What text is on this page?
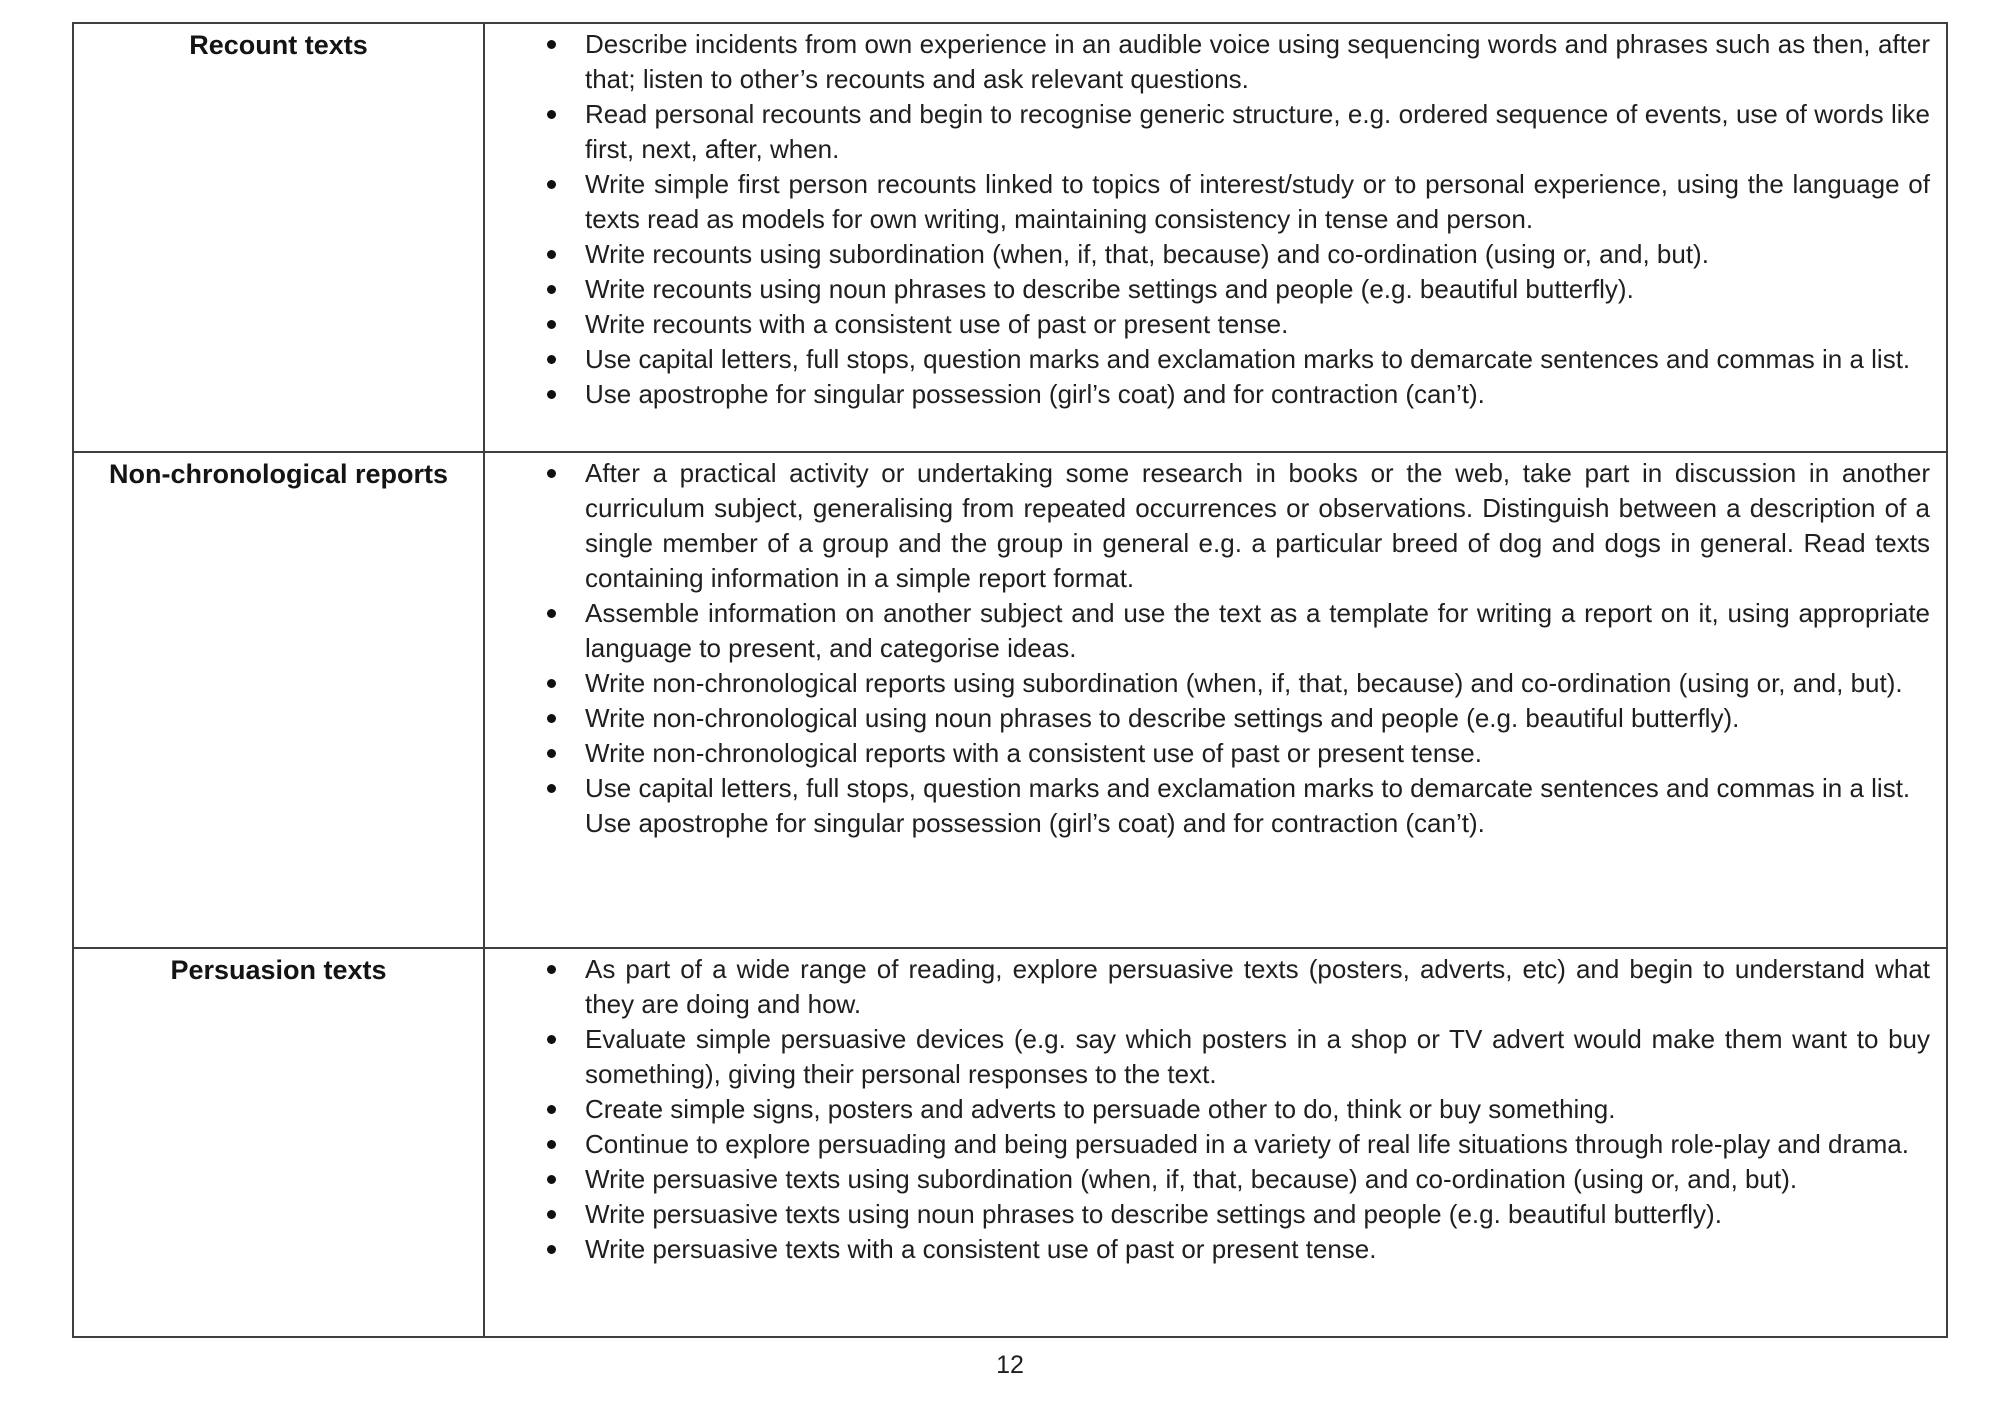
Recount texts	Describe incidents from own experience in an audible voice using sequencing words and phrases such as then, after that; listen to other’s recounts and ask relevant questions.
Read personal recounts and begin to recognise generic structure, e.g. ordered sequence of events, use of words like first, next, after, when.
Write simple first person recounts linked to topics of interest/study or to personal experience, using the language of texts read as models for own writing, maintaining consistency in tense and person.
Write recounts using subordination (when, if, that, because) and co-ordination (using or, and, but).
Write recounts using noun phrases to describe settings and people (e.g. beautiful butterfly).
Write recounts with a consistent use of past or present tense.
Use capital letters, full stops, question marks and exclamation marks to demarcate sentences and commas in a list.
Use apostrophe for singular possession (girl’s coat) and for contraction (can’t).

Non-chronological reports	After a practical activity or undertaking some research in books or the web, take part in discussion in another curriculum subject, generalising from repeated occurrences or observations. Distinguish between a description of a single member of a group and the group in general e.g. a particular breed of dog and dogs in general. Read texts containing information in a simple report format.
Assemble information on another subject and use the text as a template for writing a report on it, using appropriate language to present, and categorise ideas.
Write non-chronological reports using subordination (when, if, that, because) and co-ordination (using or, and, but).
Write non-chronological using noun phrases to describe settings and people (e.g. beautiful butterfly).
Write non-chronological reports with a consistent use of past or present tense.
Use capital letters, full stops, question marks and exclamation marks to demarcate sentences and commas in a list.
Use apostrophe for singular possession (girl’s coat) and for contraction (can’t).

Persuasion texts	As part of a wide range of reading, explore persuasive texts (posters, adverts, etc) and begin to understand what they are doing and how.
Evaluate simple persuasive devices (e.g. say which posters in a shop or TV advert would make them want to buy something), giving their personal responses to the text.
Create simple signs, posters and adverts to persuade other to do, think or buy something.
Continue to explore persuading and being persuaded in a variety of real life situations through role-play and drama.
Write persuasive texts using subordination (when, if, that, because) and co-ordination (using or, and, but).
Write persuasive texts using noun phrases to describe settings and people (e.g. beautiful butterfly).
Write persuasive texts with a consistent use of past or present tense.
12
